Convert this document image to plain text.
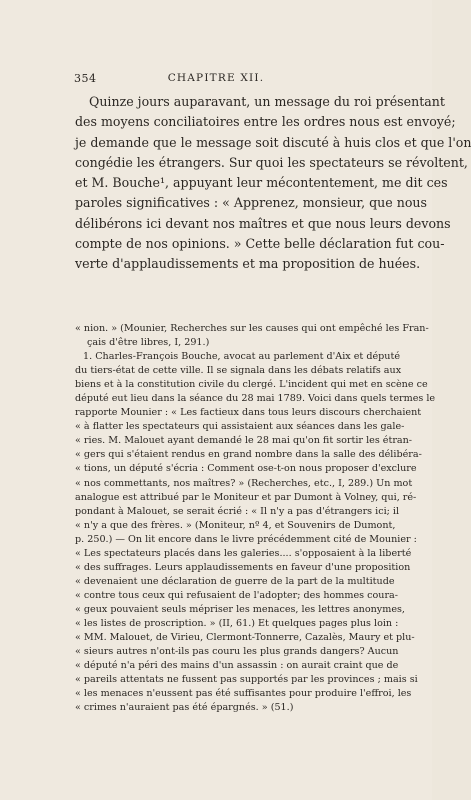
354	CHAPITRE XII.
Quinze jours auparavant, un message du roi présentant
des moyens conciliatoires entre les ordres nous est envoyé;
je demande que le message soit discuté à huis clos et que l'on
congédie les étrangers. Sur quoi les spectateurs se révoltent,
et M. Bouche¹, appuyant leur mécontentement, me dit ces
paroles significatives : « Apprenez, monsieur, que nous
délibérons ici devant nos maîtres et que nous leurs devons
compte de nos opinions. » Cette belle déclaration fut cou-
verte d'applaudissements et ma proposition de huées.
« nion. » (Mounier, Recherches sur les causes qui ont empêché les Fran-
çais d'être libres, I, 291.)
1. Charles-François Bouche, avocat au parlement d'Aix et député
du tiers-état de cette ville. Il se signala dans les débats relatifs aux
biens et à la constitution civile du clergé. L'incident qui met en scène ce
député eut lieu dans la séance du 28 mai 1789. Voici dans quels termes le
rapporte Mounier : « Les factieux dans tous leurs discours cherchaient
« à flatter les spectateurs qui assistaient aux séances dans les gale-
« ries. M. Malouet ayant demandé le 28 mai qu'on fit sortir les étran-
« gers qui s'étaient rendus en grand nombre dans la salle des délibéra-
« tions, un député s'écria : Comment ose-t-on nous proposer d'exclure
« nos commettants, nos maîtres? » (Recherches, etc., I, 289.) Un mot
analogue est attribué par le Moniteur et par Dumont à Volney, qui, ré-
pondant à Malouet, se serait écrié : « Il n'y a pas d'étrangers ici; il
« n'y a que des frères. » (Moniteur, nº 4, et Souvenirs de Dumont,
p. 250.) — On lit encore dans le livre précédemment cité de Mounier :
« Les spectateurs placés dans les galeries.... s'opposaient à la liberté
« des suffrages. Leurs applaudissements en faveur d'une proposition
« devenaient une déclaration de guerre de la part de la multitude
« contre tous ceux qui refusaient de l'adopter; des hommes coura-
« geux pouvaient seuls mépriser les menaces, les lettres anonymes,
« les listes de proscription. » (II, 61.) Et quelques pages plus loin :
« MM. Malouet, de Virieu, Clermont-Tonnerre, Cazalès, Maury et plu-
« sieurs autres n'ont-ils pas couru les plus grands dangers? Aucun
« député n'a péri des mains d'un assassin : on aurait craint que de
« pareils attentats ne fussent pas supportés par les provinces ; mais si
« les menaces n'eussent pas été suffisantes pour produire l'effroi, les
« crimes n'auraient pas été épargnés. » (51.)
